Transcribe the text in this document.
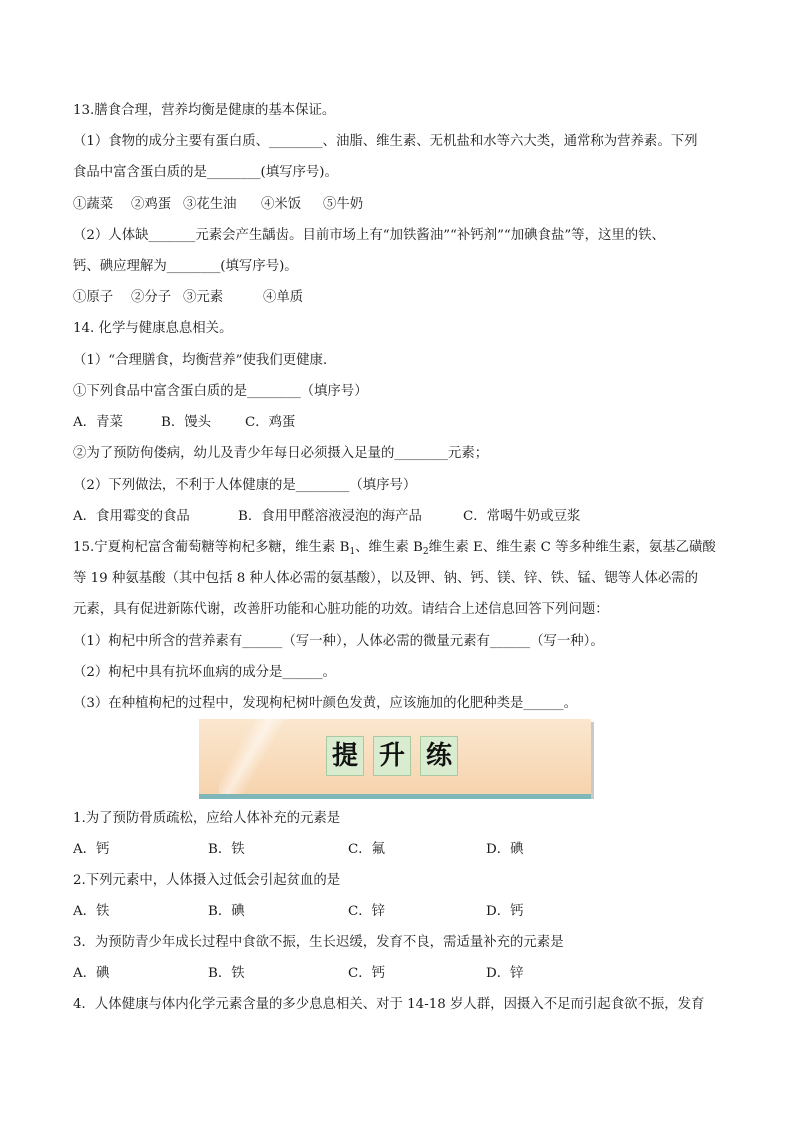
13.膳食合理，营养均衡是健康的基本保证。
（1）食物的成分主要有蛋白质、________、油脂、维生素、无机盐和水等六大类，通常称为营养素。下列
食品中富含蛋白质的是________(填写序号)。
①蔬菜 ②鸡蛋 ③花生油 ④米饭 ⑤牛奶
（2）人体缺_______元素会产生龋齿。目前市场上有“加铁酱油”“补钙剂”“加碘食盐”等，这里的铁、
钙、碘应理解为________(填写序号)。
①原子 ②分子 ③元素	④单质
14. 化学与健康息息相关。
（1）“合理膳食，均衡营养”使我们更健康.
①下列食品中富含蛋白质的是________（填序号）
A．青菜	B．馒头	C．鸡蛋
②为了预防佝偻病，幼儿及青少年每日必须摄入足量的________元素；
（2）下列做法，不利于人体健康的是________（填序号）
A．食用霉变的食品	B．食用甲醛溶液浸泡的海产品	C．常喝牛奶或豆浆
15.宁夏枸杞富含葡萄糖等枸杞多糖，维生素 $B_1$、维生素 $B_2$维生素 E、维生素 C 等多种维生素，氨基乙磺酸
等 19 种氨基酸（其中包括 8 种人体必需的氨基酸），以及钾、钠、钙、镁、锌、铁、锰、锶等人体必需的
元素，具有促进新陈代谢，改善肝功能和心脏功能的功效。请结合上述信息回答下列问题：
（1）枸杞中所含的营养素有______（写一种），人体必需的微量元素有______（写一种）。
（2）枸杞中具有抗坏血病的成分是______。
（3）在种植枸杞的过程中，发现枸杞树叶颜色发黄，应该施加的化肥种类是______。
提 升 练
1.为了预防骨质疏松，应给人体补充的元素是
A．钙	B．铁	C．氟	D．碘
2.下列元素中，人体摄入过低会引起贫血的是
A．铁	B．碘	C．锌	D．钙
3．为预防青少年成长过程中食欲不振，生长迟缓，发育不良，需适量补充的元素是
A．碘	B．铁	C．钙	D．锌
4．人体健康与体内化学元素含量的多少息息相关、对于 14-18 岁人群，因摄入不足而引起食欲不振，发育
